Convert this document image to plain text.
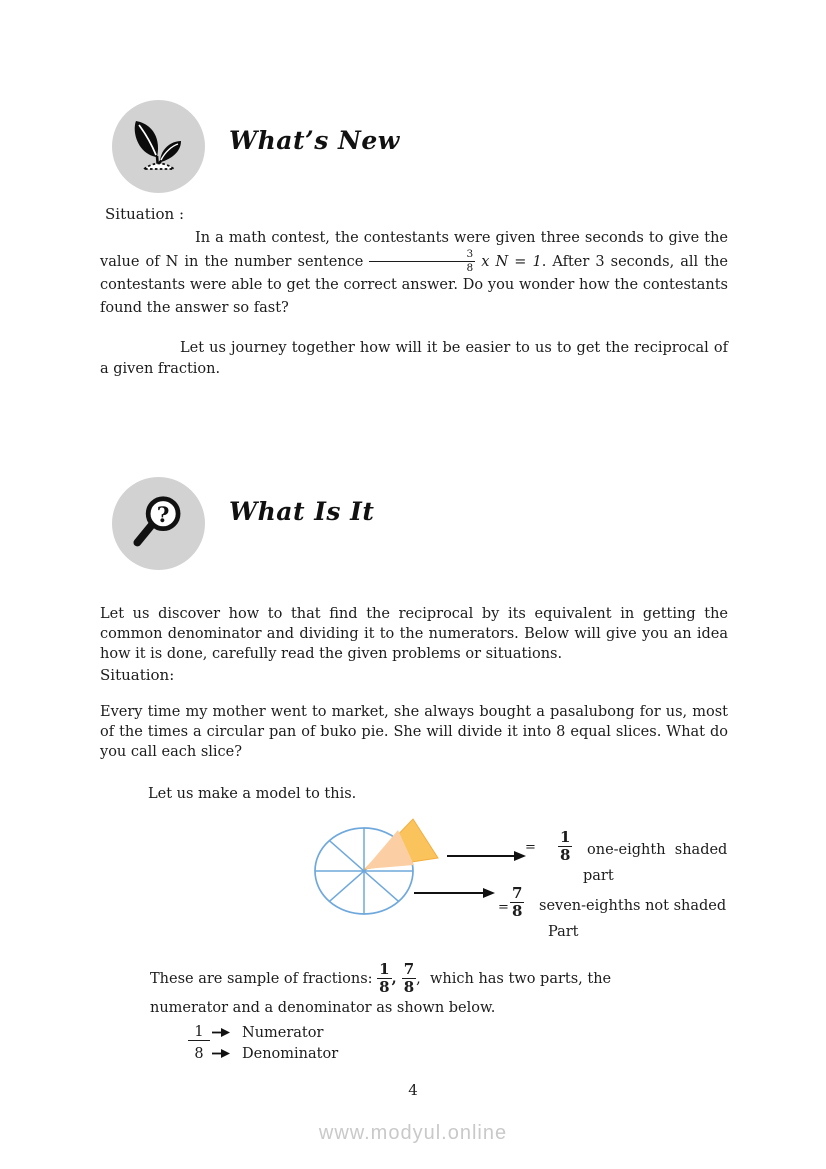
What’s New
Situation :

In a math contest, the contestants were given three seconds to give the value of N in the number sentence $\frac{3}{8}$ x N = 1. After 3 seconds, all the contestants were able to get the correct answer. Do you wonder how the contestants found the answer so fast?

Let us journey together how will it be easier to us to get the reciprocal of a given fraction.

? What Is It

Let us discover how to that find the reciprocal by its equivalent in getting the common denominator and dividing it to the numerators. Below will give you an idea how it is done, carefully read the given problems or situations.

Situation:

Every time my mother went to market, she always bought a pasalubong for us, most of the times a circular pan of buko pie. She will divide it into 8 equal slices. What do you call each slice?

Let us make a model to this.
= $\frac{1}{8}$ one-eighth  shaded
part
= $\frac{7}{8}$ seven-eighths not shaded
Part
These are sample of fractions: $\frac{1}{8}$ , $\frac{7}{8}$ ,  which has two parts, the
numerator and a denominator as shown below.
1	Numerator
8	Denominator
4
www.modyul.online
